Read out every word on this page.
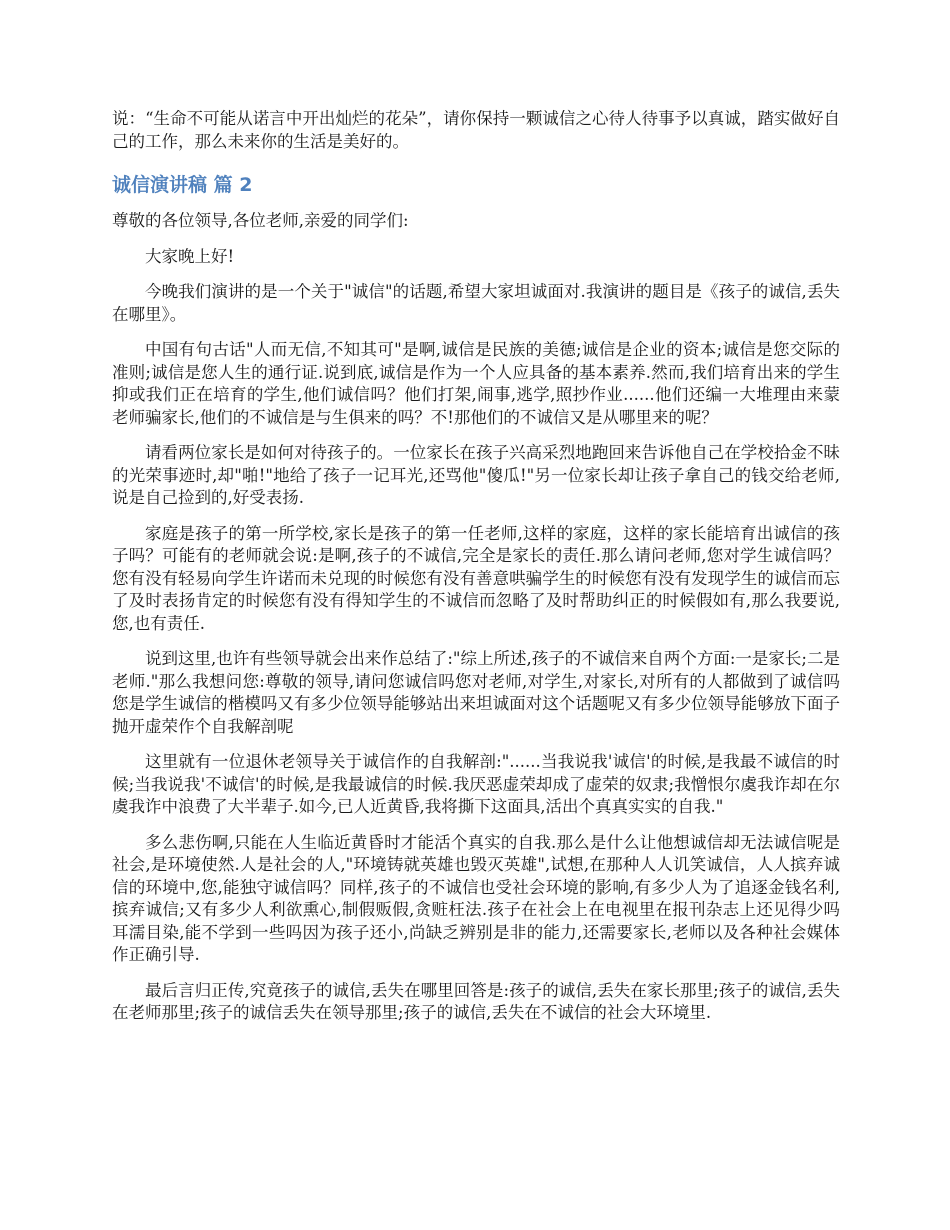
说：“生命不可能从诺言中开出灿烂的花朵”，请你保持一颗诚信之心待人待事予以真诚，踏实做好自己的工作，那么未来你的生活是美好的。

诚信演讲稿 篇 2

尊敬的各位领导,各位老师,亲爱的同学们:

大家晚上好!

今晚我们演讲的是一个关于"诚信"的话题,希望大家坦诚面对.我演讲的题目是《孩子的诚信,丢失在哪里》。

中国有句古话"人而无信,不知其可"是啊,诚信是民族的美德;诚信是企业的资本;诚信是您交际的准则;诚信是您人生的通行证.说到底,诚信是作为一个人应具备的基本素养.然而,我们培育出来的学生抑或我们正在培育的学生,他们诚信吗？他们打架,闹事,逃学,照抄作业......他们还编一大堆理由来蒙老师骗家长,他们的不诚信是与生俱来的吗？不!那他们的不诚信又是从哪里来的呢？

请看两位家长是如何对待孩子的。一位家长在孩子兴高采烈地跑回来告诉他自己在学校拾金不昧的光荣事迹时,却"啪!"地给了孩子一记耳光,还骂他"傻瓜!"另一位家长却让孩子拿自己的钱交给老师,说是自己捡到的,好受表扬.

家庭是孩子的第一所学校,家长是孩子的第一任老师,这样的家庭，这样的家长能培育出诚信的孩子吗？可能有的老师就会说:是啊,孩子的不诚信,完全是家长的责任.那么请问老师,您对学生诚信吗？您有没有轻易向学生许诺而未兑现的时候您有没有善意哄骗学生的时候您有没有发现学生的诚信而忘了及时表扬肯定的时候您有没有得知学生的不诚信而忽略了及时帮助纠正的时候假如有,那么我要说,您,也有责任.

说到这里,也许有些领导就会出来作总结了:"综上所述,孩子的不诚信来自两个方面:一是家长;二是老师."那么我想问您:尊敬的领导,请问您诚信吗您对老师,对学生,对家长,对所有的人都做到了诚信吗您是学生诚信的楷模吗又有多少位领导能够站出来坦诚面对这个话题呢又有多少位领导能够放下面子抛开虚荣作个自我解剖呢

这里就有一位退休老领导关于诚信作的自我解剖:"......当我说我'诚信'的时候,是我最不诚信的时候;当我说我'不诚信'的时候,是我最诚信的时候.我厌恶虚荣却成了虚荣的奴隶;我憎恨尔虞我诈却在尔虞我诈中浪费了大半辈子.如今,已人近黄昏,我将撕下这面具,活出个真真实实的自我."

多么悲伤啊,只能在人生临近黄昏时才能活个真实的自我.那么是什么让他想诚信却无法诚信呢是社会,是环境使然.人是社会的人,"环境铸就英雄也毁灭英雄",试想,在那种人人讥笑诚信，人人摈弃诚信的环境中,您,能独守诚信吗？同样,孩子的不诚信也受社会环境的影响,有多少人为了追逐金钱名利,摈弃诚信;又有多少人利欲熏心,制假贩假,贪赃枉法.孩子在社会上在电视里在报刊杂志上还见得少吗耳濡目染,能不学到一些吗因为孩子还小,尚缺乏辨别是非的能力,还需要家长,老师以及各种社会媒体作正确引导.

最后言归正传,究竟孩子的诚信,丢失在哪里回答是:孩子的诚信,丢失在家长那里;孩子的诚信,丢失在老师那里;孩子的诚信丢失在领导那里;孩子的诚信,丢失在不诚信的社会大环境里.
